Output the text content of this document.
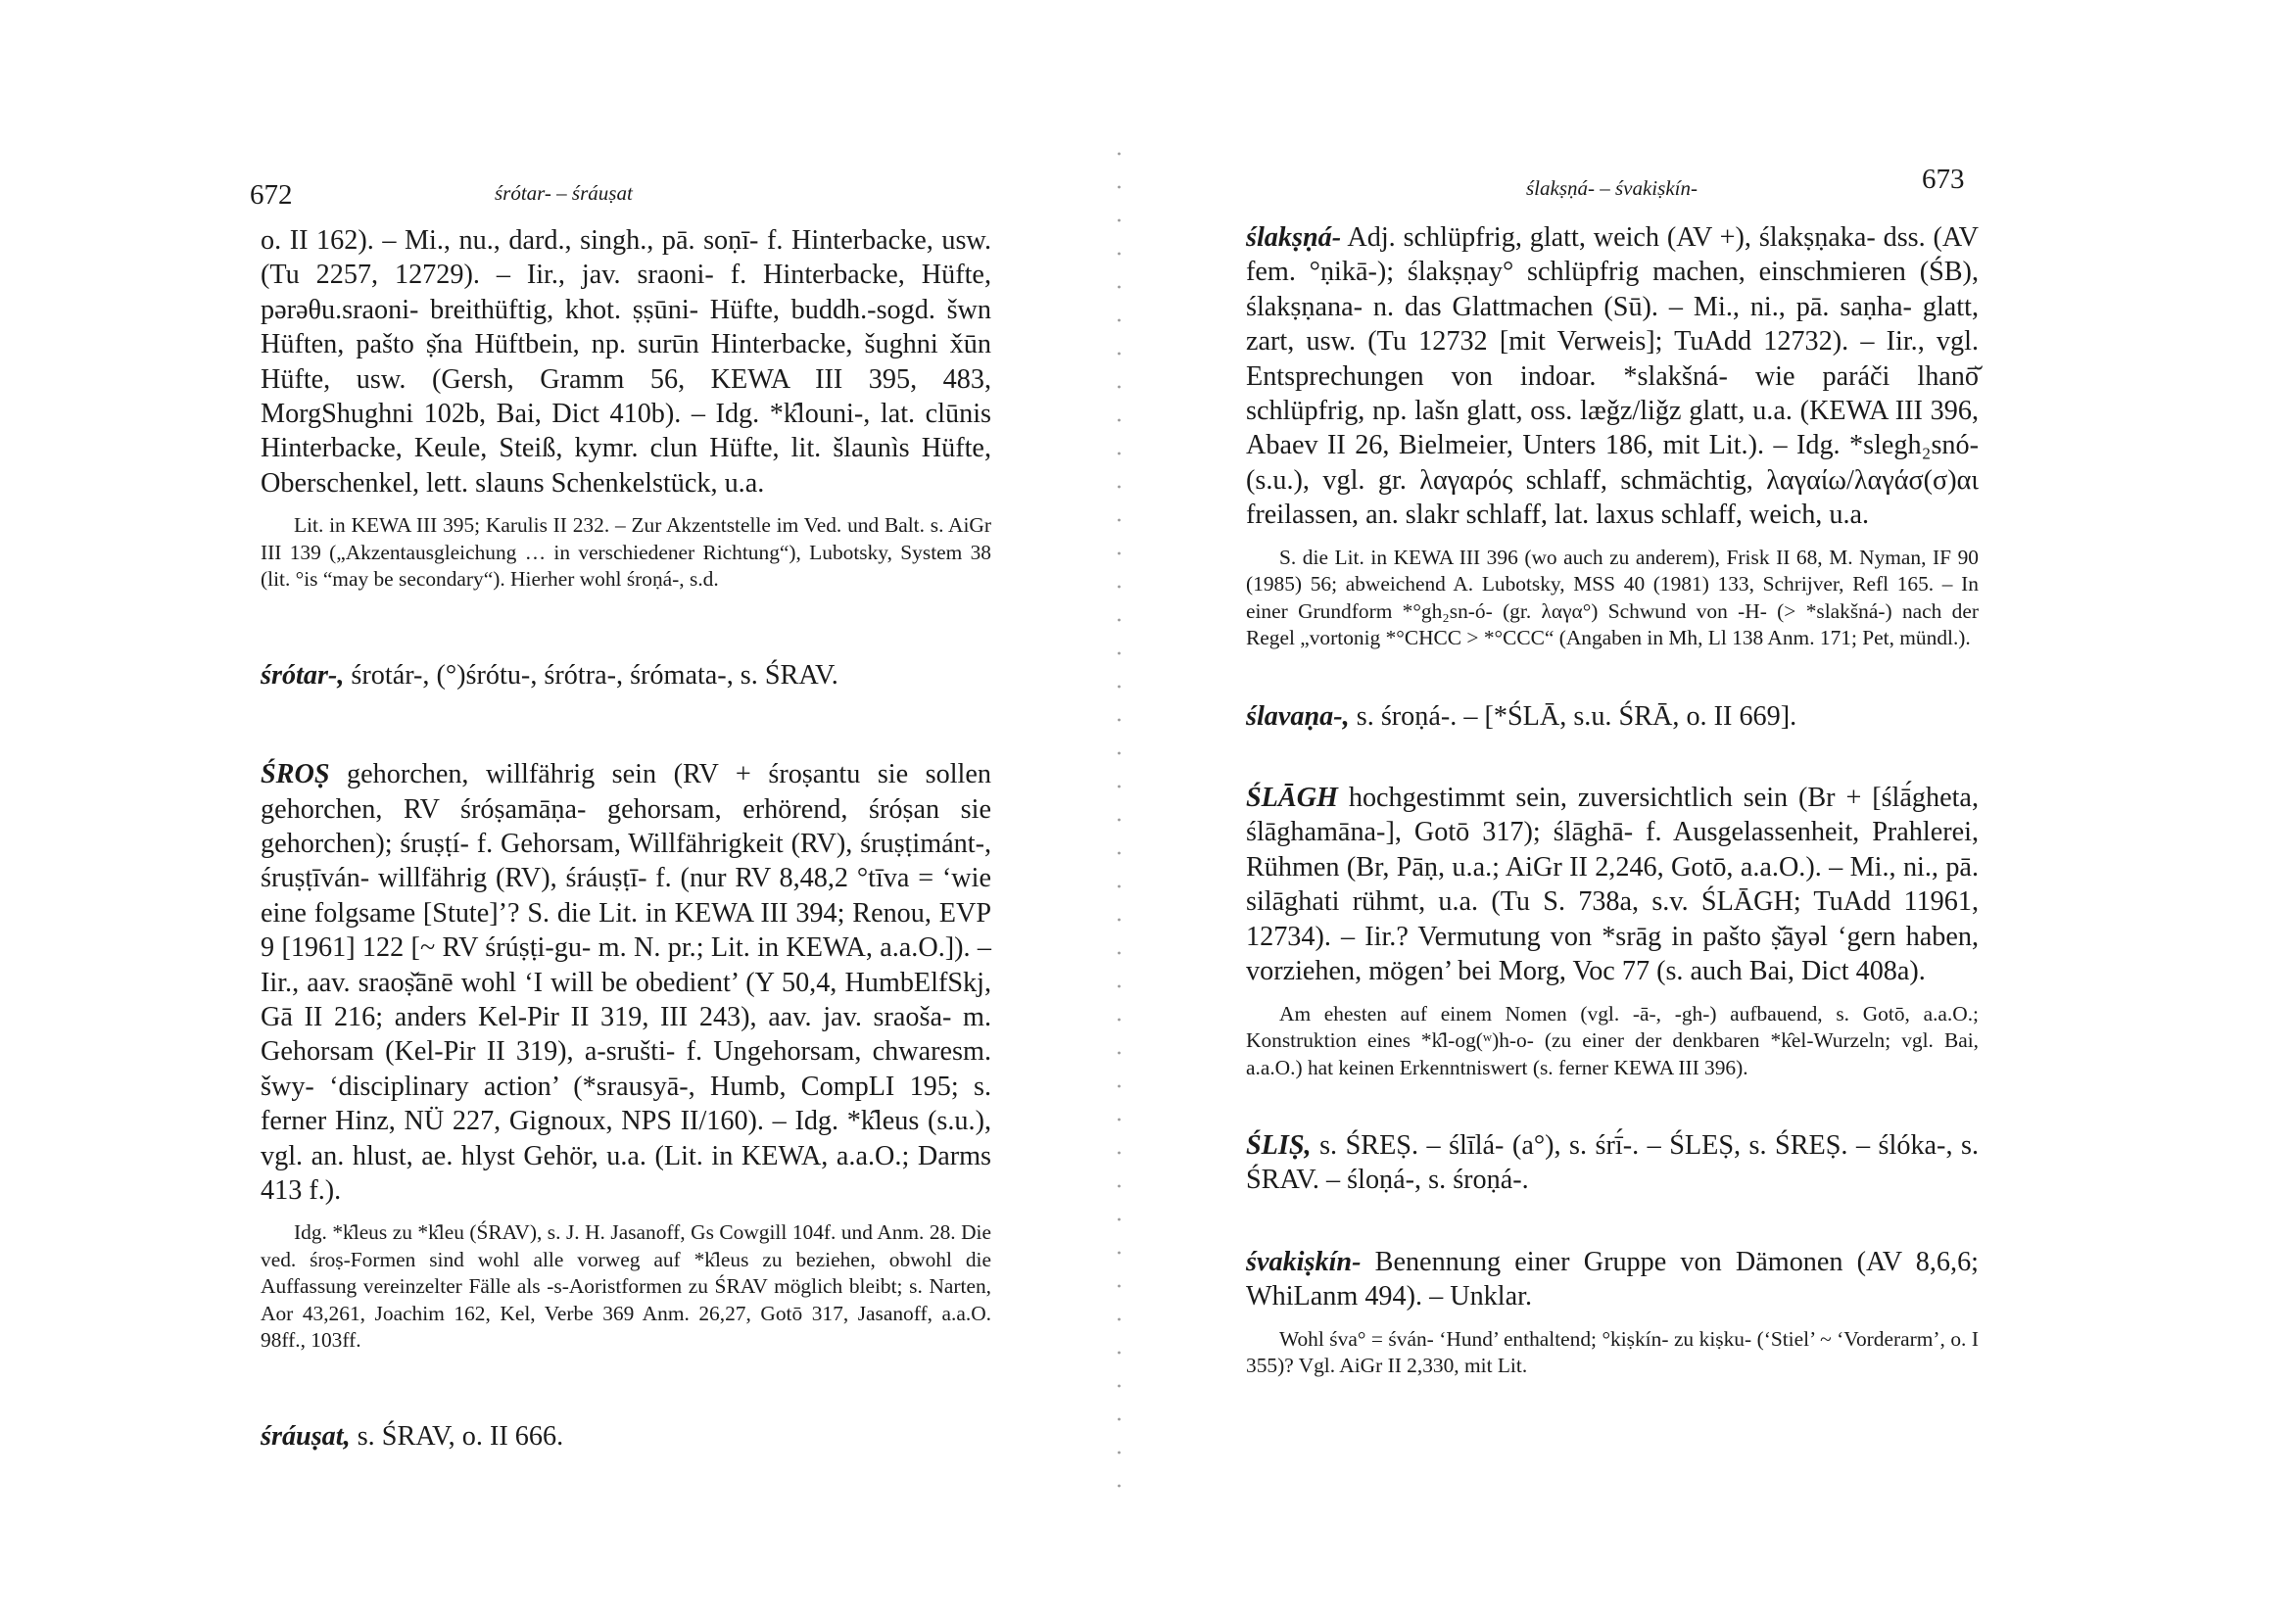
672	śrótar- – śráuṣat

o. II 162). – Mi., nu., dard., singh., pā. soṇī- f. Hinterbacke, usw. (Tu 2257, 12729). – Iir., jav. sraoni- f. Hinterbacke, Hüfte, pərəθu.sraoni- breithüftig, khot. ṣṣūni- Hüfte, buddh.-sogd. šwn Hüften, pašto ṣ̌na Hüftbein, np. surūn Hinterbacke, šughni x̌ūn Hüfte, usw. (Gersh, Gramm 56, KEWA III 395, 483, MorgShughni 102b, Bai, Dict 410b). – Idg. *k̑louni-, lat. clūnis Hinterbacke, Keule, Steiß, kymr. clun Hüfte, lit. šlaunìs Hüfte, Oberschenkel, lett. slauns Schenkelstück, u.a.

Lit. in KEWA III 395; Karulis II 232. – Zur Akzentstelle im Ved. und Balt. s. AiGr III 139 („Akzentausgleichung … in verschiedener Richtung“), Lubotsky, System 38 (lit. °is “may be secondary“). Hierher wohl śroṇá-, s.d.

śrótar-, śrotár-, (°)śrótu-, śrótra-, śrómata-, s. ŚRAV.

ŚROṢ gehorchen, willfährig sein (RV + śroṣantu sie sollen gehorchen, RV śróṣamāṇa- gehorsam, erhörend, śróṣan sie gehorchen); śruṣṭí- f. Gehorsam, Willfährigkeit (RV), śruṣṭimánt-, śruṣṭīván- willfährig (RV), śráuṣṭī- f. (nur RV 8,48,2 °tīva = ‘wie eine folgsame [Stute]’? S. die Lit. in KEWA III 394; Renou, EVP 9 [1961] 122 [~ RV śrúṣṭi-gu- m. N. pr.; Lit. in KEWA, a.a.O.]). – Iir., aav. sraoṣ̌ānē wohl ‘I will be obedient’ (Y 50,4, HumbElfSkj, Gā II 216; anders Kel-Pir II 319, III 243), aav. jav. sraoša- m. Gehorsam (Kel-Pir II 319), a-srušti- f. Ungehorsam, chwaresm. šwy- ‘disciplinary action’ (*srausyā-, Humb, CompLI 195; s. ferner Hinz, NÜ 227, Gignoux, NPS II/160). – Idg. *k̑leus (s.u.), vgl. an. hlust, ae. hlyst Gehör, u.a. (Lit. in KEWA, a.a.O.; Darms 413 f.).

Idg. *k̑leus zu *k̑leu (ŚRAV), s. J. H. Jasanoff, Gs Cowgill 104f. und Anm. 28. Die ved. śroṣ-Formen sind wohl alle vorweg auf *k̑leus zu beziehen, obwohl die Auffassung vereinzelter Fälle als -s-Aoristformen zu ŚRAV möglich bleibt; s. Narten, Aor 43,261, Joachim 162, Kel, Verbe 369 Anm. 26,27, Gotō 317, Jasanoff, a.a.O. 98ff., 103ff.

śráuṣat, s. ŚRAV, o. II 666.

ślakṣṇá- – śvakiṣkín-	673

ślakṣṇá- Adj. schlüpfrig, glatt, weich (AV +), ślakṣṇaka- dss. (AV fem. °ṇikā-); ślakṣṇay° schlüpfrig machen, einschmieren (ŚB), ślakṣṇana- n. das Glattmachen (Sū). – Mi., ni., pā. saṇha- glatt, zart, usw. (Tu 12732 [mit Verweis]; TuAdd 12732). – Iir., vgl. Entsprechungen von indoar. *slakšná- wie paráči lhanō̆ schlüpfrig, np. lašn glatt, oss. læǧz/liǧz glatt, u.a. (KEWA III 396, Abaev II 26, Bielmeier, Unters 186, mit Lit.). – Idg. *slegh₂snó- (s.u.), vgl. gr. λαγαρός schlaff, schmächtig, λαγαίω/λαγάσ(σ)αι freilassen, an. slakr schlaff, lat. laxus schlaff, weich, u.a.

S. die Lit. in KEWA III 396 (wo auch zu anderem), Frisk II 68, M. Nyman, IF 90 (1985) 56; abweichend A. Lubotsky, MSS 40 (1981) 133, Schrijver, Refl 165. – In einer Grundform *°gh₂sn-ó- (gr. λαγα°) Schwund von -H- (> *slakšná-) nach der Regel „vortonig *°CHCC > *°CCC“ (Angaben in Mh, Ll 138 Anm. 171; Pet, mündl.).

ślavaṇa-, s. śroṇá-. – [*ŚLĀ, s.u. ŚRĀ, o. II 669].

ŚLĀGH hochgestimmt sein, zuversichtlich sein (Br + [ślā́gheta, ślāghamāna-], Gotō 317); ślāghā- f. Ausgelassenheit, Prahlerei, Rühmen (Br, Pāṇ, u.a.; AiGr II 2,246, Gotō, a.a.O.). – Mi., ni., pā. silāghati rühmt, u.a. (Tu S. 738a, s.v. ŚLĀGH; TuAdd 11961, 12734). – Iir.? Vermutung von *srāg in pašto ṣ̌āyəl ‘gern haben, vorziehen, mögen’ bei Morg, Voc 77 (s. auch Bai, Dict 408a).

Am ehesten auf einem Nomen (vgl. -ā-, -gh-) aufbauend, s. Gotō, a.a.O.; Konstruktion eines *k̑l-og(ʷ)h-o- (zu einer der denkbaren *k̑el-Wurzeln; vgl. Bai, a.a.O.) hat keinen Erkenntniswert (s. ferner KEWA III 396).

ŚLIṢ, s. ŚREṢ. – ślīlá- (a°), s. śrī́-. – ŚLEṢ, s. ŚREṢ. – ślóka-, s. ŚRAV. – śloṇá-, s. śroṇá-.

śvakiṣkín- Benennung einer Gruppe von Dämonen (AV 8,6,6; WhiLanm 494). – Unklar.

Wohl śva° = śván- ‘Hund’ enthaltend; °kiṣkín- zu kiṣku- (‘Stiel’ ~ ‘Vorderarm’, o. I 355)? Vgl. AiGr II 2,330, mit Lit.
